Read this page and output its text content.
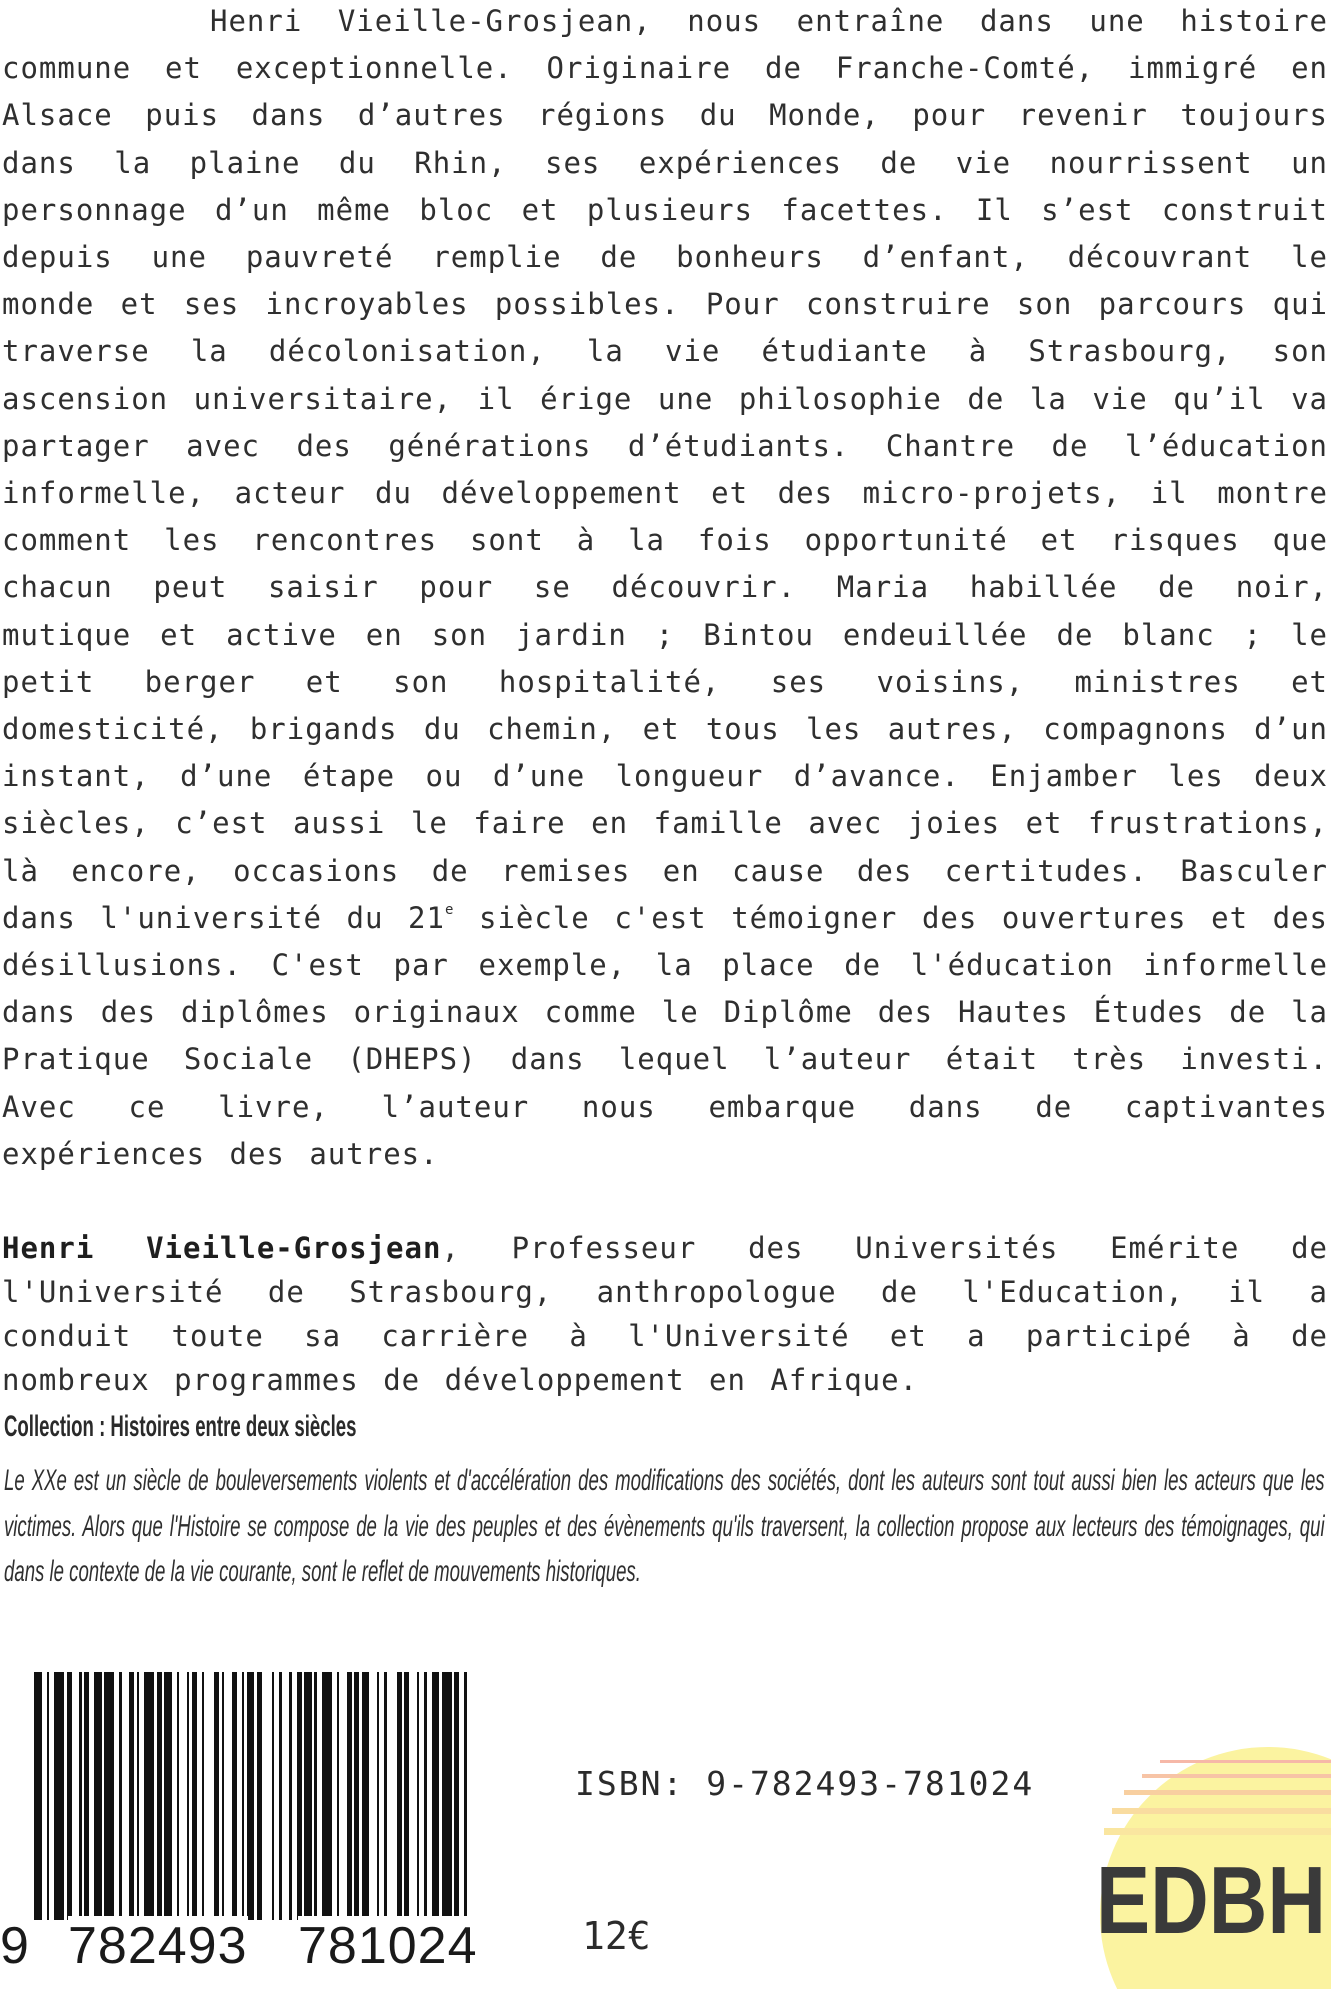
Henri Vieille-Grosjean, nous entraîne dans une histoire commune et exceptionnelle. Originaire de Franche-Comté, immigré en Alsace puis dans d’autres régions du Monde, pour revenir toujours dans la plaine du Rhin, ses expériences de vie nourrissent un personnage d’un même bloc et plusieurs facettes. Il s’est construit depuis une pauvreté remplie de bonheurs d’enfant, découvrant le monde et ses incroyables possibles. Pour construire son parcours qui traverse la décolonisation, la vie étudiante à Strasbourg, son ascension universitaire, il érige une philosophie de la vie qu’il va partager avec des générations d’étudiants. Chantre de l’éducation informelle, acteur du développement et des micro-projets, il montre comment les rencontres sont à la fois opportunité et risques que chacun peut saisir pour se découvrir. Maria habillée de noir, mutique et active en son jardin ; Bintou endeuillée de blanc ; le petit berger et son hospitalité, ses voisins, ministres et domesticité, brigands du chemin, et tous les autres, compagnons d’un instant, d’une étape ou d’une longueur d’avance. Enjamber les deux siècles, c’est aussi le faire en famille avec joies et frustrations, là encore, occasions de remises en cause des certitudes. Basculer dans l'université du 21e siècle c'est témoigner des ouvertures et des désillusions. C'est par exemple, la place de l'éducation informelle dans des diplômes originaux comme le Diplôme des Hautes Études de la Pratique Sociale (DHEPS) dans lequel l’auteur était très investi. Avec ce livre, l’auteur nous embarque dans de captivantes expériences des autres.

Henri Vieille-Grosjean, Professeur des Universités Emérite de l'Université de Strasbourg, anthropologue de l'Education, il a conduit toute sa carrière à l'Université et a participé à de nombreux programmes de développement en Afrique.

Collection : Histoires entre deux siècles

Le XXe est un siècle de bouleversements violents et d'accélération des modifications des sociétés, dont les auteurs sont tout aussi bien les acteurs que les victimes. Alors que l'Histoire se compose de la vie des peuples et des évènements qu'ils traversent, la collection propose aux lecteurs des témoignages, qui dans le contexte de la vie courante, sont le reflet de mouvements historiques.

9 782493 781024

ISBN: 9-782493-781024

12€	EDBH
